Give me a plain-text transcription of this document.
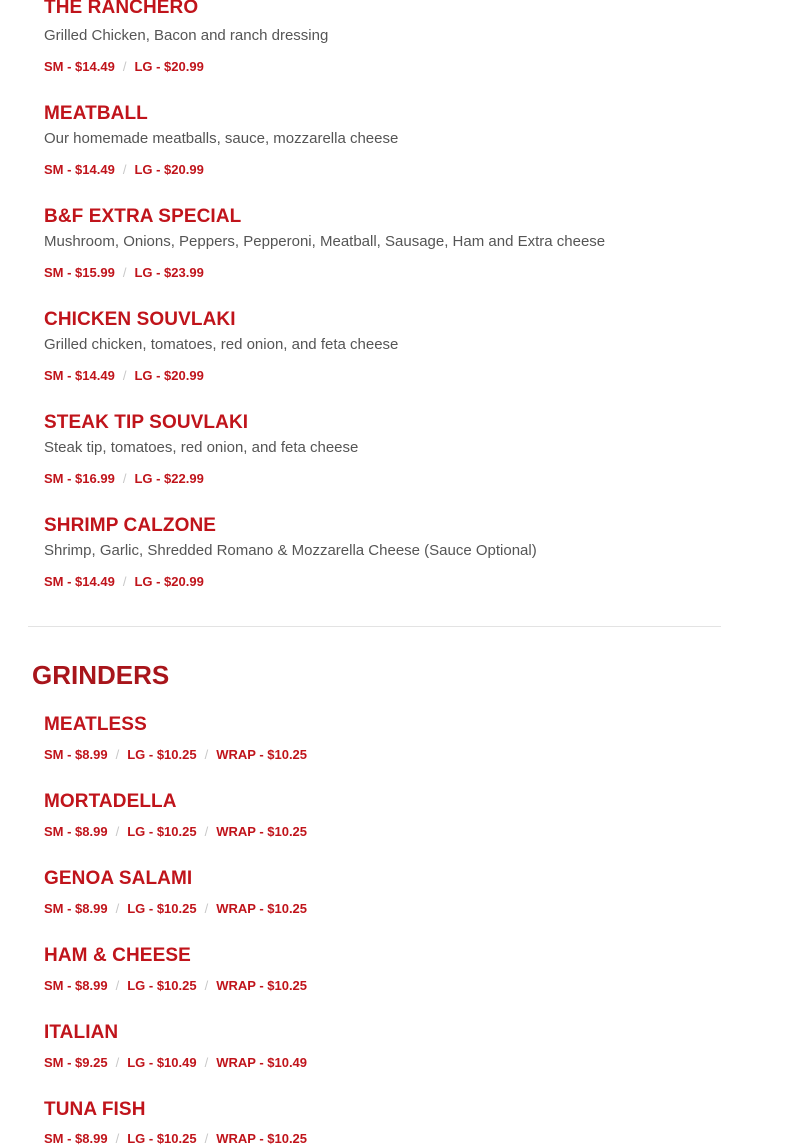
THE RANCHERO
Grilled Chicken, Bacon and ranch dressing
SM - $14.49 / LG - $20.99
MEATBALL
Our homemade meatballs, sauce, mozzarella cheese
SM - $14.49 / LG - $20.99
B&F EXTRA SPECIAL
Mushroom, Onions, Peppers, Pepperoni, Meatball, Sausage, Ham and Extra cheese
SM - $15.99 / LG - $23.99
CHICKEN SOUVLAKI
Grilled chicken, tomatoes, red onion, and feta cheese
SM - $14.49 / LG - $20.99
STEAK TIP SOUVLAKI
Steak tip, tomatoes, red onion, and feta cheese
SM - $16.99 / LG - $22.99
SHRIMP CALZONE
Shrimp, Garlic, Shredded Romano & Mozzarella Cheese (Sauce Optional)
SM - $14.49 / LG - $20.99
GRINDERS
MEATLESS
SM - $8.99 / LG - $10.25 / WRAP - $10.25
MORTADELLA
SM - $8.99 / LG - $10.25 / WRAP - $10.25
GENOA SALAMI
SM - $8.99 / LG - $10.25 / WRAP - $10.25
HAM & CHEESE
SM - $8.99 / LG - $10.25 / WRAP - $10.25
ITALIAN
SM - $9.25 / LG - $10.49 / WRAP - $10.49
TUNA FISH
SM - $8.99 / LG - $10.25 / WRAP - $10.25
